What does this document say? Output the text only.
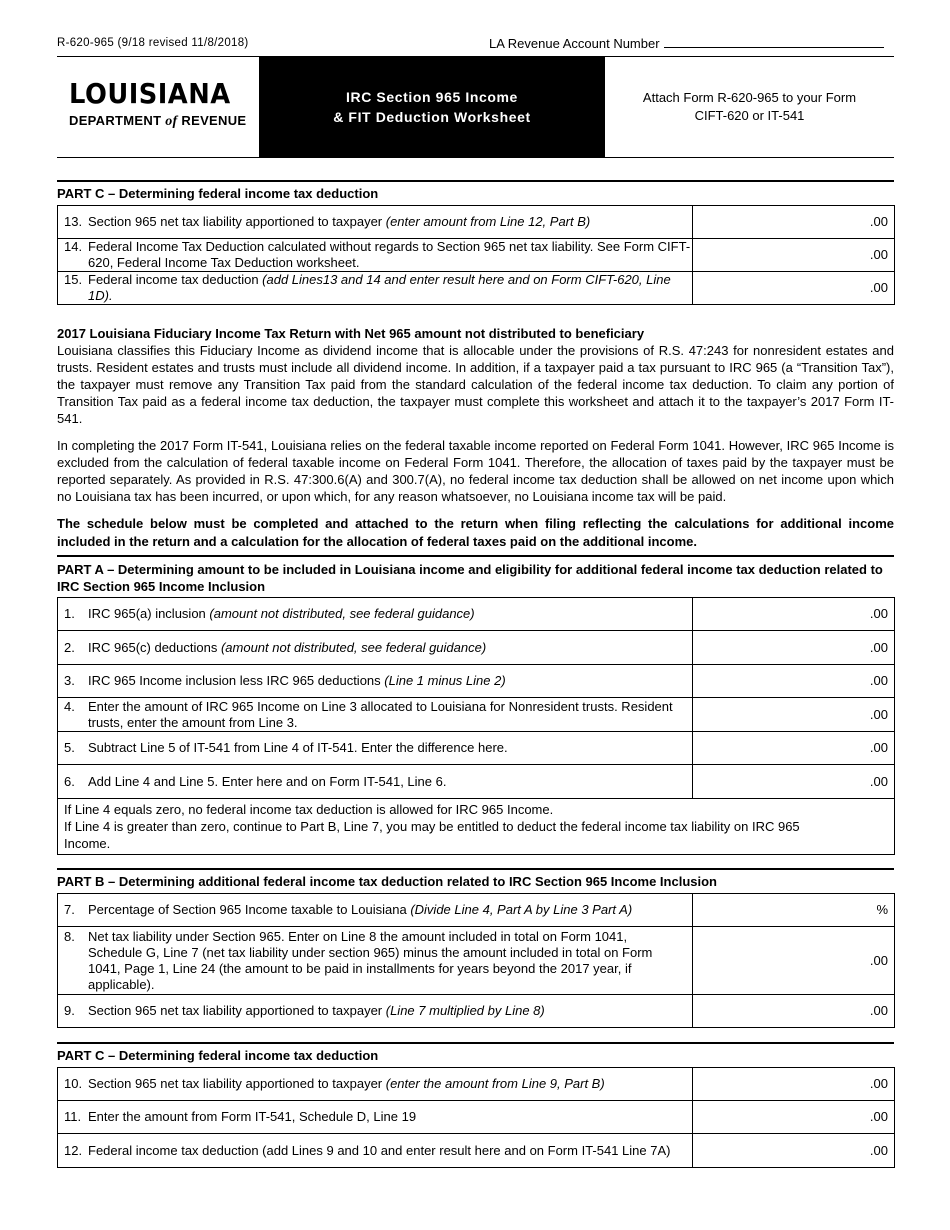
R-620-965 (9/18 revised 11/8/2018)	LA Revenue Account Number
LOUISIANA
DEPARTMENT of REVENUE
IRC Section 965 Income
& FIT Deduction Worksheet
Attach Form R-620-965 to your Form
CIFT-620 or IT-541
PART C – Determining federal income tax deduction
13. Section 965 net tax liability apportioned to taxpayer (enter amount from Line 12, Part B)	.00

14. Federal Income Tax Deduction calculated without regards to Section 965 net tax liability. See Form CIFT-620, Federal Income Tax Deduction worksheet.	.00

15. Federal income tax deduction (add Lines13 and 14 and enter result here and on Form CIFT-620, Line 1D).	.00
2017 Louisiana Fiduciary Income Tax Return with Net 965 amount not distributed to beneficiary
Louisiana classifies this Fiduciary Income as dividend income that is allocable under the provisions of R.S. 47:243 for nonresident estates and trusts. Resident estates and trusts must include all dividend income. In addition, if a taxpayer paid a tax pursuant to IRC 965 (a “Transition Tax”), the taxpayer must remove any Transition Tax paid from the standard calculation of the federal income tax deduction. To claim any portion of Transition Tax paid as a federal income tax deduction, the taxpayer must complete this worksheet and attach it to the taxpayer’s 2017 Form IT-541.
In completing the 2017 Form IT-541, Louisiana relies on the federal taxable income reported on Federal Form 1041. However, IRC 965 Income is excluded from the calculation of federal taxable income on Federal Form 1041. Therefore, the allocation of taxes paid by the taxpayer must be reported separately. As provided in R.S. 47:300.6(A) and 300.7(A), no federal income tax deduction shall be allowed on net income upon which no Louisiana tax has been incurred, or upon which, for any reason whatsoever, no Louisiana income tax will be paid.
The schedule below must be completed and attached to the return when filing reflecting the calculations for additional income included in the return and a calculation for the allocation of federal taxes paid on the additional income.
PART A – Determining amount to be included in Louisiana income and eligibility for additional federal income tax deduction related to IRC Section 965 Income Inclusion
1. IRC 965(a) inclusion (amount not distributed, see federal guidance)	.00

2. IRC 965(c) deductions (amount not distributed, see federal guidance)	.00

3. IRC 965 Income inclusion less IRC 965 deductions (Line 1 minus Line 2)	.00

4. Enter the amount of IRC 965 Income on Line 3 allocated to Louisiana for Nonresident trusts. Resident trusts, enter the amount from Line 3.	.00

5. Subtract Line 5 of IT-541 from Line 4 of IT-541. Enter the difference here.	.00

6. Add Line 4 and Line 5. Enter here and on Form IT-541, Line 6.	.00

If Line 4 equals zero, no federal income tax deduction is allowed for IRC 965 Income.
If Line 4 is greater than zero, continue to Part B, Line 7, you may be entitled to deduct the federal income tax liability on IRC 965 Income.	
PART B – Determining additional federal income tax deduction related to IRC Section 965 Income Inclusion
7. Percentage of Section 965 Income taxable to Louisiana (Divide Line 4, Part A by Line 3 Part A)	%

8. Net tax liability under Section 965. Enter on Line 8 the amount included in total on Form 1041, Schedule G, Line 7 (net tax liability under section 965) minus the amount included in total on Form 1041, Page 1, Line 24 (the amount to be paid in installments for years beyond the 2017 year, if applicable).	.00

9. Section 965 net tax liability apportioned to taxpayer (Line 7 multiplied by Line 8)	.00
PART C – Determining federal income tax deduction
10. Section 965 net tax liability apportioned to taxpayer (enter the amount from Line 9, Part B)	.00

11. Enter the amount from Form IT-541, Schedule D, Line 19	.00

12. Federal income tax deduction (add Lines 9 and 10 and enter result here and on Form IT-541 Line 7A)	.00
